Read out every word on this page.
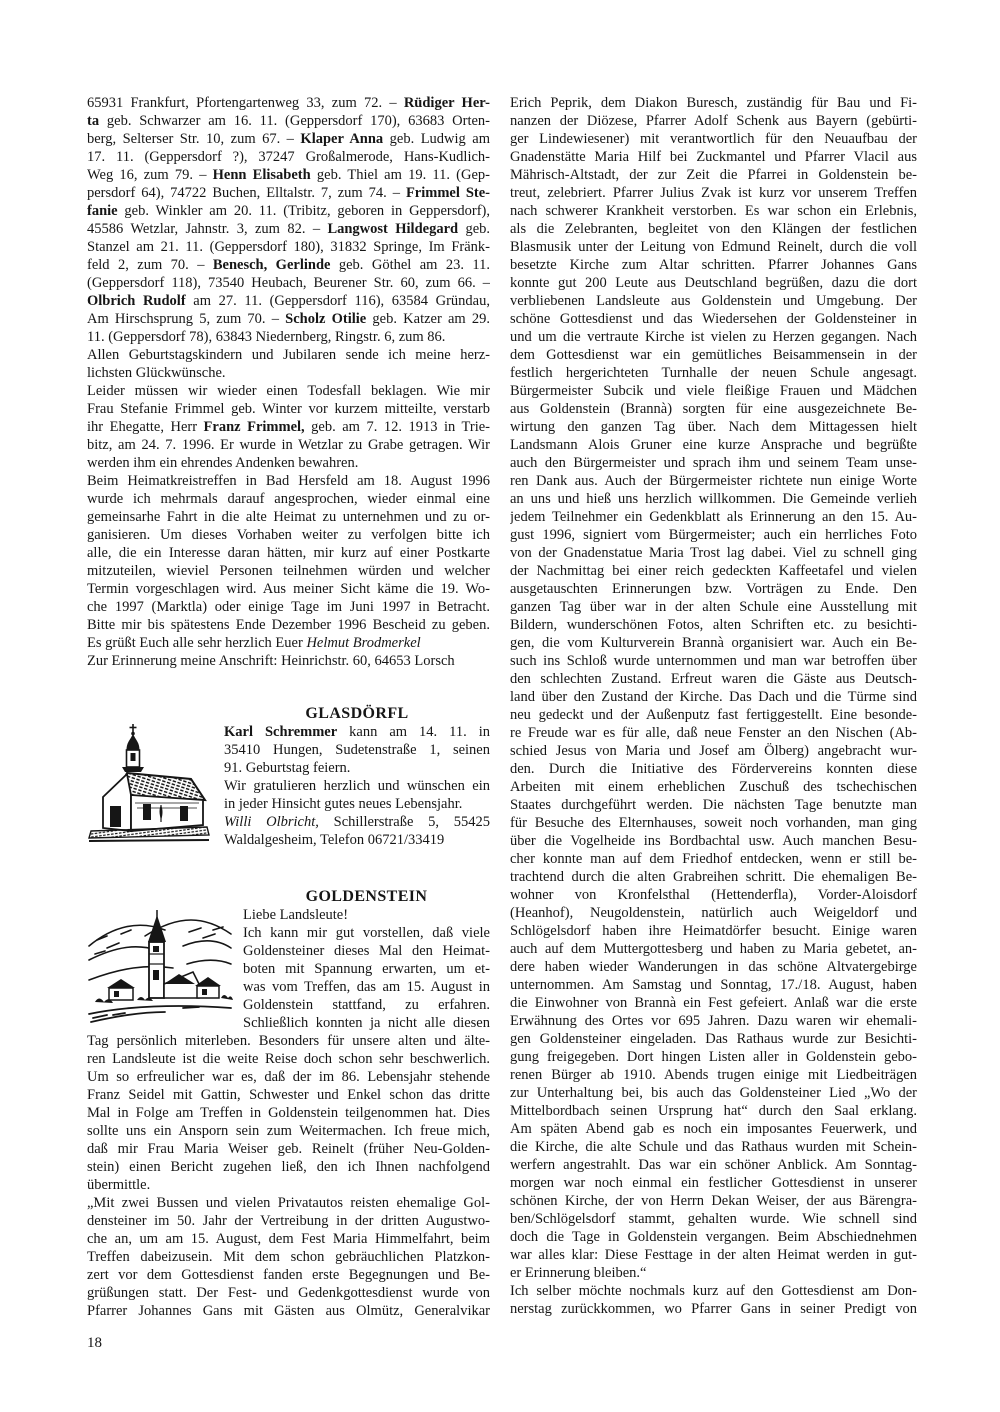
65931 Frankfurt, Pfortengartenweg 33, zum 72. – Rüdiger Her-
ta geb. Schwarzer am 16. 11. (Geppersdorf 170), 63683 Orten-
berg, Selterser Str. 10, zum 67. – Klaper Anna geb. Ludwig am
17. 11. (Geppersdorf ?), 37247 Großalmerode, Hans-Kudlich-
Weg 16, zum 79. – Henn Elisabeth geb. Thiel am 19. 11. (Gep-
persdorf 64), 74722 Buchen, Elltalstr. 7, zum 74. – Frimmel Ste-
fanie geb. Winkler am 20. 11. (Tribitz, geboren in Geppersdorf),
45586 Wetzlar, Jahnstr. 3, zum 82. – Langwost Hildegard geb.
Stanzel am 21. 11. (Geppersdorf 180), 31832 Springe, Im Fränk-
feld 2, zum 70. – Benesch, Gerlinde geb. Göthel am 23. 11.
(Geppersdorf 118), 73540 Heubach, Beurener Str. 60, zum 66. –
Olbrich Rudolf am 27. 11. (Geppersdorf 116), 63584 Gründau,
Am Hirschsprung 5, zum 70. – Scholz Otilie geb. Katzer am 29.
11. (Geppersdorf 78), 63843 Niedernberg, Ringstr. 6, zum 86.
Allen Geburtstagskindern und Jubilaren sende ich meine herz-
lichsten Glückwünsche.
Leider müssen wir wieder einen Todesfall beklagen. Wie mir
Frau Stefanie Frimmel geb. Winter vor kurzem mitteilte, verstarb
ihr Ehegatte, Herr Franz Frimmel, geb. am 7. 12. 1913 in Trie-
bitz, am 24. 7. 1996. Er wurde in Wetzlar zu Grabe getragen. Wir
werden ihm ein ehrendes Andenken bewahren.
Beim Heimatkreistreffen in Bad Hersfeld am 18. August 1996
wurde ich mehrmals darauf angesprochen, wieder einmal eine
gemeinsarhe Fahrt in die alte Heimat zu unternehmen und zu or-
ganisieren. Um dieses Vorhaben weiter zu verfolgen bitte ich
alle, die ein Interesse daran hätten, mir kurz auf einer Postkarte
mitzuteilen, wieviel Personen teilnehmen würden und welcher
Termin vorgeschlagen wird. Aus meiner Sicht käme die 19. Wo-
che 1997 (Marktla) oder einige Tage im Juni 1997 in Betracht.
Bitte mir bis spätestens Ende Dezember 1996 Bescheid zu geben.
Es grüßt Euch alle sehr herzlich Euer Helmut Brodmerkel
Zur Erinnerung meine Anschrift: Heinrichstr. 60, 64653 Lorsch
GLASDÖRFL
Karl Schremmer kann am 14. 11. in
35410 Hungen, Sudetenstraße 1, seinen
91. Geburtstag feiern.
Wir gratulieren herzlich und wünschen ein
in jeder Hinsicht gutes neues Lebensjahr.
Willi Olbricht, Schillerstraße 5, 55425
Waldalgesheim, Telefon 06721/33419
GOLDENSTEIN
Liebe Landsleute!
Ich kann mir gut vorstellen, daß viele
Goldensteiner dieses Mal den Heimat-
boten mit Spannung erwarten, um et-
was vom Treffen, das am 15. August in
Goldenstein stattfand, zu erfahren.
Schließlich konnten ja nicht alle diesen
Tag persönlich miterleben. Besonders für unsere alten und älte-
ren Landsleute ist die weite Reise doch schon sehr beschwerlich.
Um so erfreulicher war es, daß der im 86. Lebensjahr stehende
Franz Seidel mit Gattin, Schwester und Enkel schon das dritte
Mal in Folge am Treffen in Goldenstein teilgenommen hat. Dies
sollte uns ein Ansporn sein zum Weitermachen. Ich freue mich,
daß mir Frau Maria Weiser geb. Reinelt (früher Neu-Golden-
stein) einen Bericht zugehen ließ, den ich Ihnen nachfolgend
übermittle.
„Mit zwei Bussen und vielen Privatautos reisten ehemalige Gol-
densteiner im 50. Jahr der Vertreibung in der dritten Augustwo-
che an, um am 15. August, dem Fest Maria Himmelfahrt, beim
Treffen dabeizusein. Mit dem schon gebräuchlichen Platzkon-
zert vor dem Gottesdienst fanden erste Begegnungen und Be-
grüßungen statt. Der Fest- und Gedenkgottesdienst wurde von
Pfarrer Johannes Gans mit Gästen aus Olmütz, Generalvikar
Erich Peprik, dem Diakon Buresch, zuständig für Bau und Fi-
nanzen der Diözese, Pfarrer Adolf Schenk aus Bayern (gebürti-
ger Lindewiesener) mit verantwortlich für den Neuaufbau der
Gnadenstätte Maria Hilf bei Zuckmantel und Pfarrer Vlacil aus
Mährisch-Altstadt, der zur Zeit die Pfarrei in Goldenstein be-
treut, zelebriert. Pfarrer Julius Zvak ist kurz vor unserem Treffen
nach schwerer Krankheit verstorben. Es war schon ein Erlebnis,
als die Zelebranten, begleitet von den Klängen der festlichen
Blasmusik unter der Leitung von Edmund Reinelt, durch die voll
besetzte Kirche zum Altar schritten. Pfarrer Johannes Gans
konnte gut 200 Leute aus Deutschland begrüßen, dazu die dort
verbliebenen Landsleute aus Goldenstein und Umgebung. Der
schöne Gottesdienst und das Wiedersehen der Goldensteiner in
und um die vertraute Kirche ist vielen zu Herzen gegangen. Nach
dem Gottesdienst war ein gemütliches Beisammensein in der
festlich hergerichteten Turnhalle der neuen Schule angesagt.
Bürgermeister Subcik und viele fleißige Frauen und Mädchen
aus Goldenstein (Brannà) sorgten für eine ausgezeichnete Be-
wirtung den ganzen Tag über. Nach dem Mittagessen hielt
Landsmann Alois Gruner eine kurze Ansprache und begrüßte
auch den Bürgermeister und sprach ihm und seinem Team unse-
ren Dank aus. Auch der Bürgermeister richtete nun einige Worte
an uns und hieß uns herzlich willkommen. Die Gemeinde verlieh
jedem Teilnehmer ein Gedenkblatt als Erinnerung an den 15. Au-
gust 1996, signiert vom Bürgermeister; auch ein herrliches Foto
von der Gnadenstatue Maria Trost lag dabei. Viel zu schnell ging
der Nachmittag bei einer reich gedeckten Kaffeetafel und vielen
ausgetauschten Erinnerungen bzw. Vorträgen zu Ende. Den
ganzen Tag über war in der alten Schule eine Ausstellung mit
Bildern, wunderschönen Fotos, alten Schriften etc. zu besichti-
gen, die vom Kulturverein Brannà organisiert war. Auch ein Be-
such ins Schloß wurde unternommen und man war betroffen über
den schlechten Zustand. Erfreut waren die Gäste aus Deutsch-
land über den Zustand der Kirche. Das Dach und die Türme sind
neu gedeckt und der Außenputz fast fertiggestellt. Eine besonde-
re Freude war es für alle, daß neue Fenster an den Nischen (Ab-
schied Jesus von Maria und Josef am Ölberg) angebracht wur-
den. Durch die Initiative des Fördervereins konnten diese
Arbeiten mit einem erheblichen Zuschuß des tschechischen
Staates durchgeführt werden. Die nächsten Tage benutzte man
für Besuche des Elternhauses, soweit noch vorhanden, man ging
über die Vogelheide ins Bordbachtal usw. Auch manchen Besu-
cher konnte man auf dem Friedhof entdecken, wenn er still be-
trachtend durch die alten Grabreihen schritt. Die ehemaligen Be-
wohner von Kronfelsthal (Hettenderfla), Vorder-Aloisdorf
(Heanhof), Neugoldenstein, natürlich auch Weigeldorf und
Schlögelsdorf haben ihre Heimatdörfer besucht. Einige waren
auch auf dem Muttergottesberg und haben zu Maria gebetet, an-
dere haben wieder Wanderungen in das schöne Altvatergebirge
unternommen. Am Samstag und Sonntag, 17./18. August, haben
die Einwohner von Brannà ein Fest gefeiert. Anlaß war die erste
Erwähnung des Ortes vor 695 Jahren. Dazu waren wir ehemali-
gen Goldensteiner eingeladen. Das Rathaus wurde zur Besichti-
gung freigegeben. Dort hingen Listen aller in Goldenstein gebo-
renen Bürger ab 1910. Abends trugen einige mit Liedbeiträgen
zur Unterhaltung bei, bis auch das Goldensteiner Lied „Wo der
Mittelbordbach seinen Ursprung hat“ durch den Saal erklang.
Am späten Abend gab es noch ein imposantes Feuerwerk, und
die Kirche, die alte Schule und das Rathaus wurden mit Schein-
werfern angestrahlt. Das war ein schöner Anblick. Am Sonntag-
morgen war noch einmal ein festlicher Gottesdienst in unserer
schönen Kirche, der von Herrn Dekan Weiser, der aus Bärengra-
ben/Schlögelsdorf stammt, gehalten wurde. Wie schnell sind
doch die Tage in Goldenstein vergangen. Beim Abschiednehmen
war alles klar: Diese Festtage in der alten Heimat werden in gut-
er Erinnerung bleiben.“
Ich selber möchte nochmals kurz auf den Gottesdienst am Don-
nerstag zurückkommen, wo Pfarrer Gans in seiner Predigt von
18
